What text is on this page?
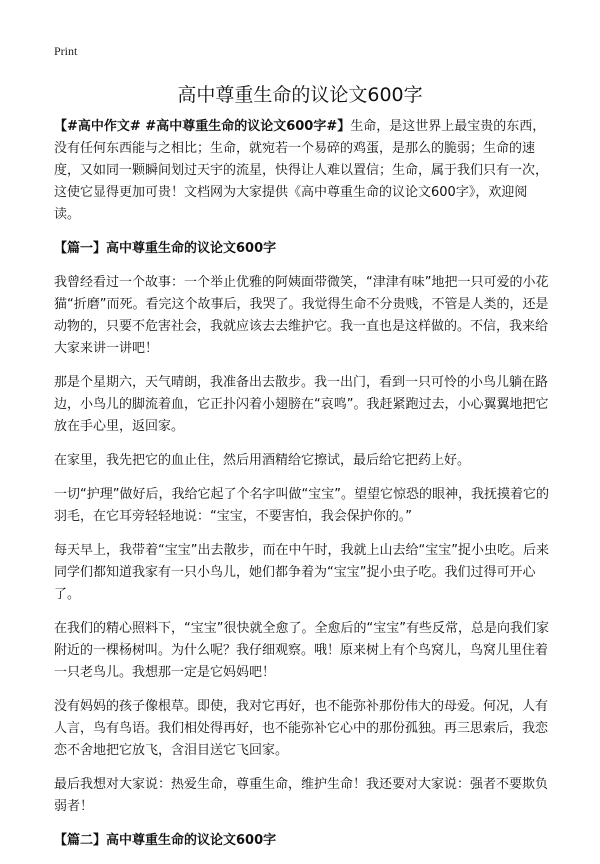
Print
高中尊重生命的议论文600字

【#高中作文# #高中尊重生命的议论文600字#】生命，是这世界上最宝贵的东西，没有任何东西能与之相比；生命，就宛若一个易碎的鸡蛋，是那么的脆弱；生命的速度，又如同一颗瞬间划过天宇的流星，快得让人难以置信；生命，属于我们只有一次，这使它显得更加可贵！文档网为大家提供《高中尊重生命的议论文600字》，欢迎阅读。

【篇一】高中尊重生命的议论文600字

我曾经看过一个故事：一个举止优雅的阿姨面带微笑，“津津有味”地把一只可爱的小花猫“折磨”而死。看完这个故事后，我哭了。我觉得生命不分贵贱，不管是人类的，还是动物的，只要不危害社会，我就应该去去维护它。我一直也是这样做的。不信，我来给大家来讲一讲吧！

那是个星期六，天气晴朗，我准备出去散步。我一出门，看到一只可怜的小鸟儿躺在路边，小鸟儿的脚流着血，它正扑闪着小翅膀在“哀鸣”。我赶紧跑过去，小心翼翼地把它放在手心里，返回家。

在家里，我先把它的血止住，然后用酒精给它擦试，最后给它把药上好。

一切“护理”做好后，我给它起了个名字叫做“宝宝”。望望它惊恐的眼神，我抚摸着它的羽毛，在它耳旁轻轻地说：“宝宝，不要害怕，我会保护你的。”

每天早上，我带着“宝宝”出去散步，而在中午时，我就上山去给“宝宝”捉小虫吃。后来同学们都知道我家有一只小鸟儿，她们都争着为“宝宝”捉小虫子吃。我们过得可开心了。

在我们的精心照料下，“宝宝”很快就全愈了。全愈后的“宝宝”有些反常，总是向我们家附近的一棵杨树叫。为什么呢？我仔细观察。哦！原来树上有个鸟窝儿，鸟窝儿里住着一只老鸟儿。我想那一定是它妈妈吧！

没有妈妈的孩子像根草。即使，我对它再好，也不能弥补那份伟大的母爱。何况，人有人言，鸟有鸟语。我们相处得再好，也不能弥补它心中的那份孤独。再三思索后，我恋恋不舍地把它放飞，含泪目送它飞回家。

最后我想对大家说：热爱生命，尊重生命，维护生命！我还要对大家说：强者不要欺负弱者！

【篇二】高中尊重生命的议论文600字
